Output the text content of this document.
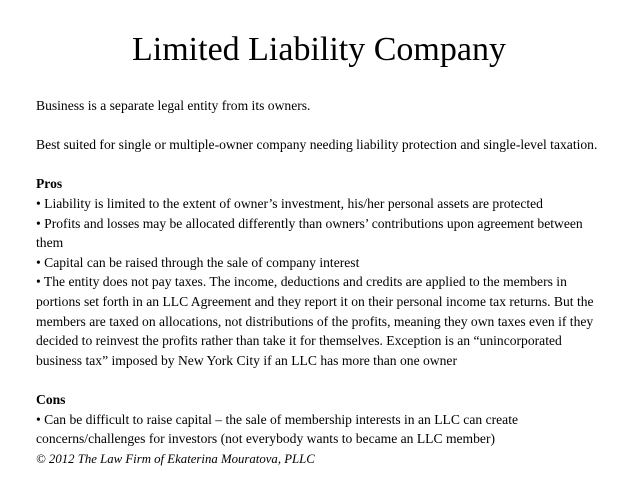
Limited Liability Company

Business is a separate legal entity from its owners.

Best suited for single or multiple-owner company needing liability protection and single-level taxation.

Pros

• Liability is limited to the extent of owner’s investment, his/her personal assets are protected

• Profits and losses may be allocated differently than owners’ contributions upon agreement between them

• Capital can be raised through the sale of company interest

• The entity does not pay taxes. The income, deductions and credits are applied to the members in portions set forth in an LLC Agreement and they report it on their personal income tax returns. But the members are taxed on allocations, not distributions of the profits, meaning they own taxes even if they decided to reinvest the profits rather than take it for themselves. Exception is an “unincorporated business tax” imposed by New York City if an LLC has more than one owner

Cons

• Can be difficult to raise capital – the sale of membership interests in an LLC can create concerns/challenges for investors (not everybody wants to became an LLC member)

© 2012 The Law Firm of Ekaterina Mouratova, PLLC
